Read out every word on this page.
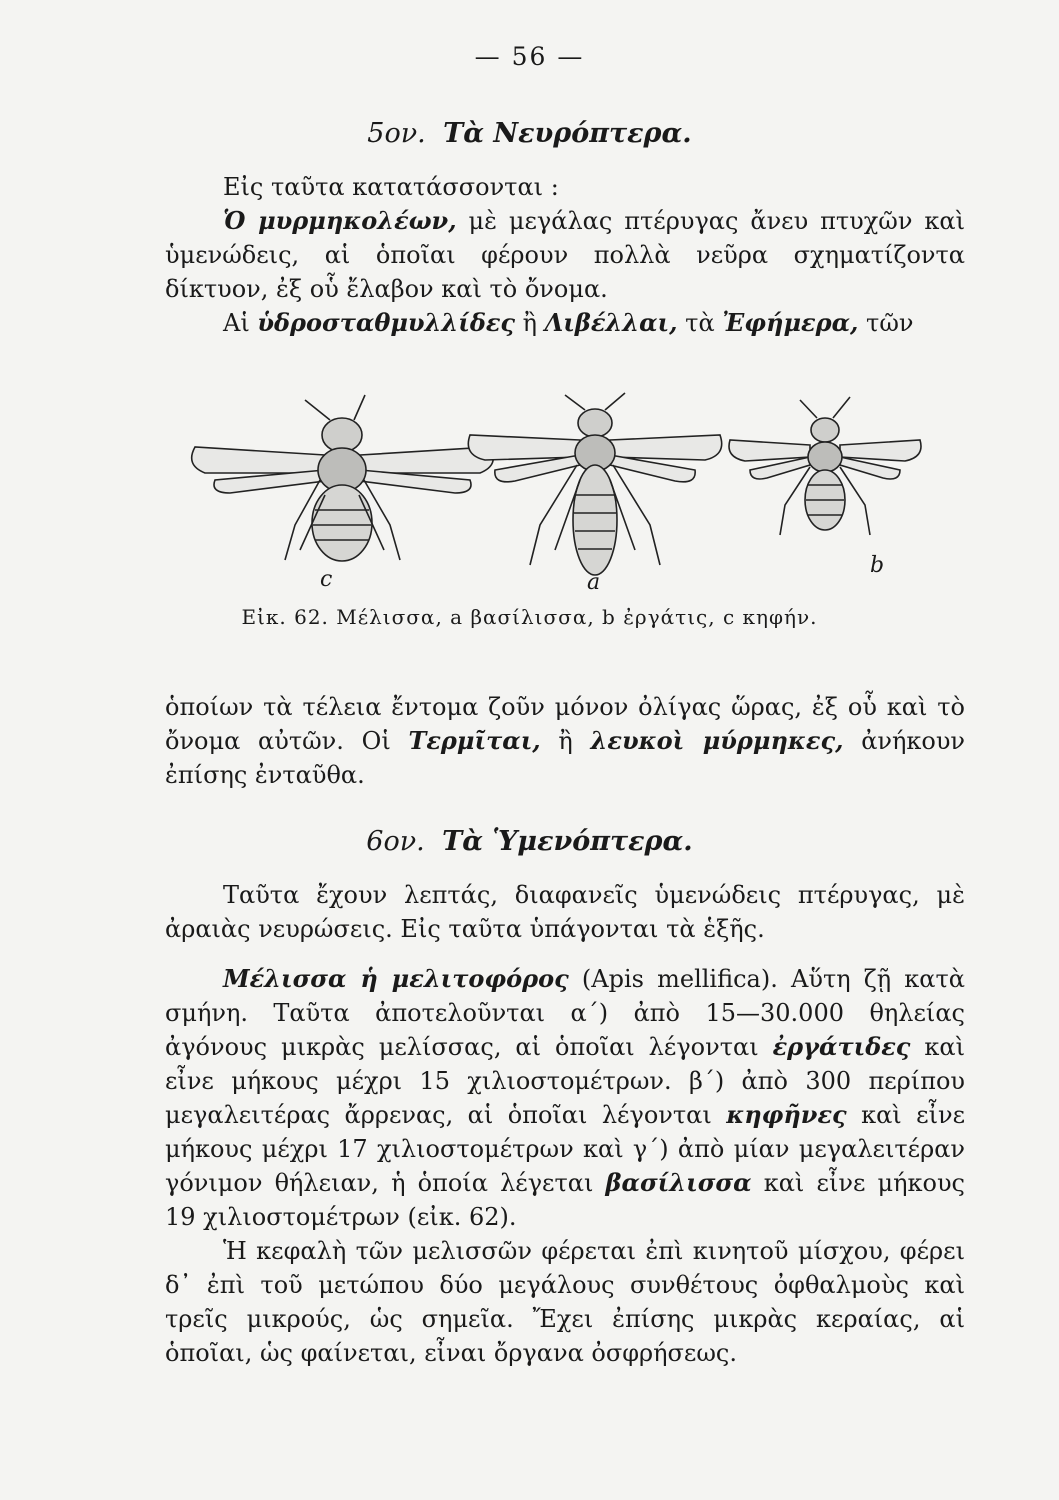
— 56 —
5ον. Τὰ Νευρόπτερα.

Εἰς ταῦτα κατατάσσονται :

Ὁ μυρμηκολέων, μὲ μεγάλας πτέρυγας ἄνευ πτυχῶν καὶ ὑμενώδεις, αἱ ὁποῖαι φέρουν πολλὰ νεῦρα σχηματίζοντα δίκτυον, ἐξ οὗ ἔλαβον καὶ τὸ ὄνομα.

Αἱ ὑδροσταθμυλλίδες ἢ Λιβέλλαι, τὰ Ἐφήμερα, τῶν

c	a
b
Εἰκ. 62. Μέλισσα, a βασίλισσα, b ἐργάτις, c κηφήν.

ὁποίων τὰ τέλεια ἔντομα ζοῦν μόνον ὀλίγας ὥρας, ἐξ οὗ καὶ τὸ ὄνομα αὐτῶν. Οἱ Τερμῖται, ἢ λευκοὶ μύρμηκες, ἀνήκουν ἐπίσης ἐνταῦθα.

6ον. Τὰ Ὑμενόπτερα.

Ταῦτα ἔχουν λεπτάς, διαφανεῖς ὑμενώδεις πτέρυγας, μὲ ἀραιὰς νευρώσεις. Εἰς ταῦτα ὑπάγονται τὰ ἑξῆς.

Μέλισσα ἡ μελιτοφόρος (Apis mellifica). Αὕτη ζῇ κατὰ σμήνη. Ταῦτα ἀποτελοῦνται α΄) ἀπὸ 15—30.000 θηλείας ἀγόνους μικρὰς μελίσσας, αἱ ὁποῖαι λέγονται ἐργάτιδες καὶ εἶνε μήκους μέχρι 15 χιλιοστομέτρων. β΄) ἀπὸ 300 περίπου μεγαλειτέρας ἄρρενας, αἱ ὁποῖαι λέγονται κηφῆνες καὶ εἶνε μήκους μέχρι 17 χιλιοστομέτρων καὶ γ΄) ἀπὸ μίαν μεγαλειτέραν γόνιμον θήλειαν, ἡ ὁποία λέγεται βασίλισσα καὶ εἶνε μήκους 19 χιλιοστομέτρων (εἰκ. 62).

Ἡ κεφαλὴ τῶν μελισσῶν φέρεται ἐπὶ κινητοῦ μίσχου, φέρει δ᾽ ἐπὶ τοῦ μετώπου δύο μεγάλους συνθέτους ὀφθαλμοὺς καὶ τρεῖς μικρούς, ὡς σημεῖα. Ἔχει ἐπίσης μικρὰς κεραίας, αἱ ὁποῖαι, ὡς φαίνεται, εἶναι ὄργανα ὀσφρήσεως.
